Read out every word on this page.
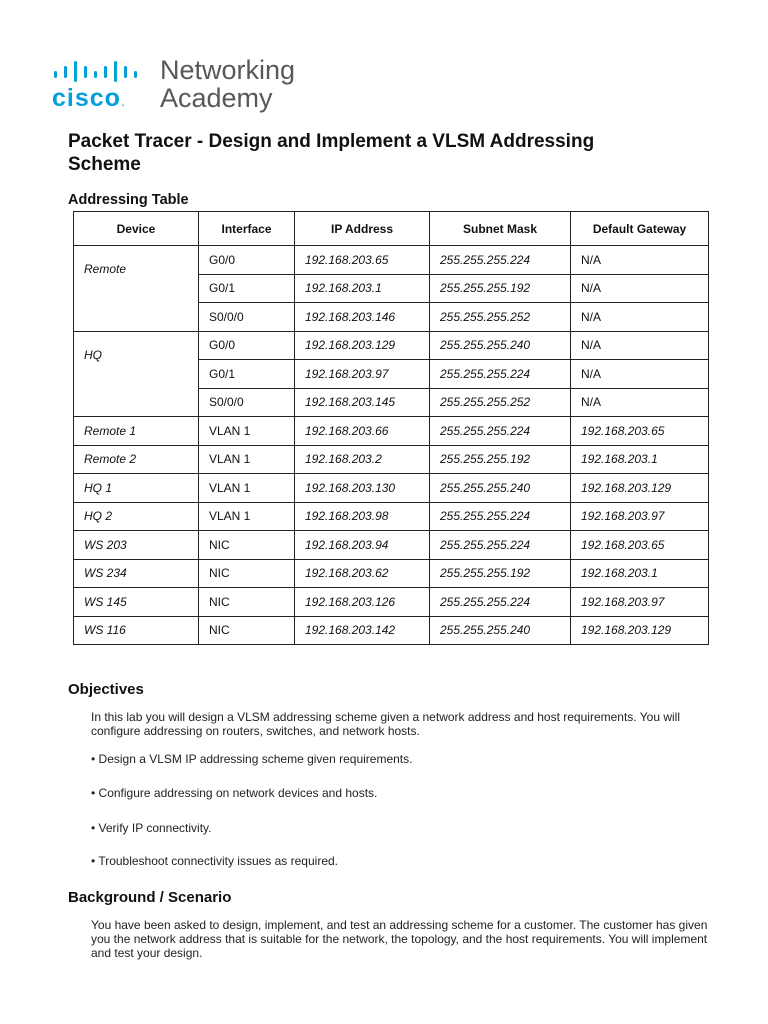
cisco.
Networking
Academy
Packet Tracer - Design and Implement a VLSM Addressing Scheme
Addressing Table
Device	Interface	IP Address	Subnet Mask	Default Gateway
Remote	G0/0	192.168.203.65	255.255.255.224	N/A
	G0/1	192.168.203.1	255.255.255.192	N/A
	S0/0/0	192.168.203.146	255.255.255.252	N/A
HQ	G0/0	192.168.203.129	255.255.255.240	N/A
	G0/1	192.168.203.97	255.255.255.224	N/A
	S0/0/0	192.168.203.145	255.255.255.252	N/A
Remote 1	VLAN 1	192.168.203.66	255.255.255.224	192.168.203.65
Remote 2	VLAN 1	192.168.203.2	255.255.255.192	192.168.203.1
HQ 1	VLAN 1	192.168.203.130	255.255.255.240	192.168.203.129
HQ 2	VLAN 1	192.168.203.98	255.255.255.224	192.168.203.97
WS 203	NIC	192.168.203.94	255.255.255.224	192.168.203.65
WS 234	NIC	192.168.203.62	255.255.255.192	192.168.203.1
WS 145	NIC	192.168.203.126	255.255.255.224	192.168.203.97
WS 116	NIC	192.168.203.142	255.255.255.240	192.168.203.129
Objectives
In this lab you will design a VLSM addressing scheme given a network address and host requirements. You will configure addressing on routers, switches, and network hosts.
• Design a VLSM IP addressing scheme given requirements.
• Configure addressing on network devices and hosts.
• Verify IP connectivity.
• Troubleshoot connectivity issues as required.
Background / Scenario
You have been asked to design, implement, and test an addressing scheme for a customer. The customer has given you the network address that is suitable for the network, the topology, and the host requirements. You will implement and test your design.
